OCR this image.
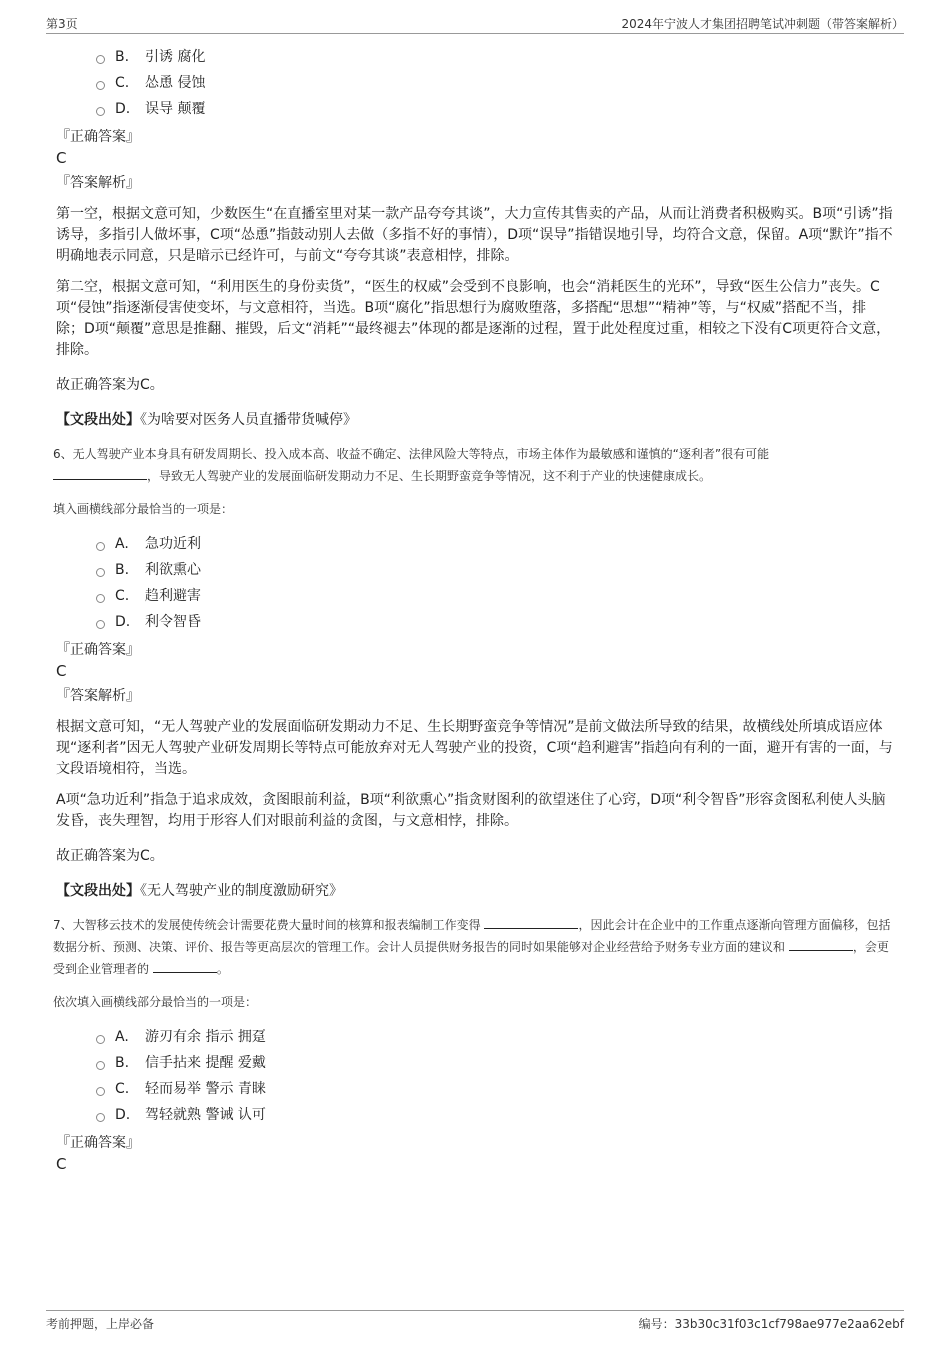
第3页	2024年宁波人才集团招聘笔试冲刺题（带答案解析）
B.	引诱 腐化
C.	怂恿 侵蚀
D.	误导 颠覆

『正确答案』

C

『答案解析』

第一空，根据文意可知，少数医生“在直播室里对某一款产品夸夸其谈”，大力宣传其售卖的产品，从而让消费者积极购买。B项“引诱”指诱导，多指引人做坏事，C项“怂恿”指鼓动别人去做（多指不好的事情），D项“误导”指错误地引导，均符合文意，保留。A项“默许”指不明确地表示同意，只是暗示已经许可，与前文“夸夸其谈”表意相悖，排除。

第二空，根据文意可知，“利用医生的身份卖货”，“医生的权威”会受到不良影响，也会“消耗医生的光环”，导致“医生公信力”丧失。C项“侵蚀”指逐渐侵害使变坏，与文意相符，当选。B项“腐化”指思想行为腐败堕落，多搭配“思想”“精神”等，与“权威”搭配不当，排除；D项“颠覆”意思是推翻、摧毁，后文“消耗”“最终褪去”体现的都是逐渐的过程，置于此处程度过重，相较之下没有C项更符合文意，排除。

故正确答案为C。

【文段出处】《为啥要对医务人员直播带货喊停》

6、无人驾驶产业本身具有研发周期长、投入成本高、收益不确定、法律风险大等特点，市场主体作为最敏感和谨慎的“逐利者”很有可能
，导致无人驾驶产业的发展面临研发期动力不足、生长期野蛮竞争等情况，这不利于产业的快速健康成长。

填入画横线部分最恰当的一项是：

A.	急功近利
B.	利欲熏心
C.	趋利避害
D.	利令智昏

『正确答案』

C

『答案解析』

根据文意可知，“无人驾驶产业的发展面临研发期动力不足、生长期野蛮竞争等情况”是前文做法所导致的结果，故横线处所填成语应体现“逐利者”因无人驾驶产业研发周期长等特点可能放弃对无人驾驶产业的投资，C项“趋利避害”指趋向有利的一面，避开有害的一面，与文段语境相符，当选。

A项“急功近利”指急于追求成效，贪图眼前利益，B项“利欲熏心”指贪财图利的欲望迷住了心窍，D项“利令智昏”形容贪图私利使人头脑发昏，丧失理智，均用于形容人们对眼前利益的贪图，与文意相悖，排除。

故正确答案为C。

【文段出处】《无人驾驶产业的制度激励研究》

7、大智移云技术的发展使传统会计需要花费大量时间的核算和报表编制工作变得	，因此会计在企业中的工作重点逐渐向管理方面偏移，包括数据分析、预测、决策、评价、报告等更高层次的管理工作。会计人员提供财务报告的同时如果能够对企业经营给予财务专业方面的建议和	，会更受到企业管理者的	。

依次填入画横线部分最恰当的一项是：

A.	游刃有余 指示 拥趸
B.	信手拈来 提醒 爱戴
C.	轻而易举 警示 青睐
D.	驾轻就熟 警诫 认可

『正确答案』

C

考前押题，上岸必备	编号：33b30c31f03c1cf798ae977e2aa62ebf
